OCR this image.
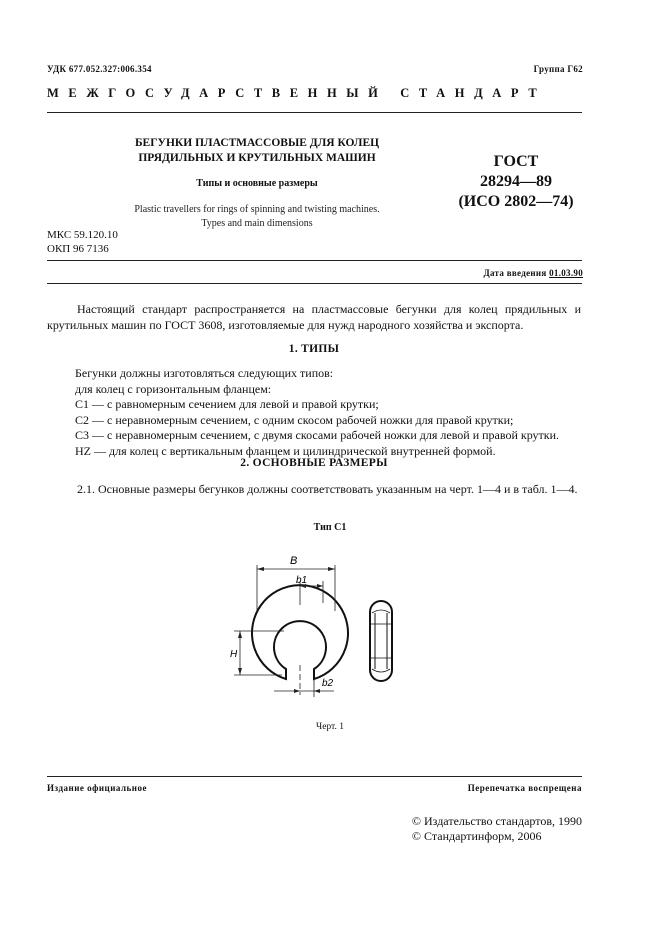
УДК 677.052.327:006.354	Группа Г62
МЕЖГОСУДАРСТВЕННЫЙ СТАНДАРТ
БЕГУНКИ ПЛАСТМАССОВЫЕ ДЛЯ КОЛЕЦ
ПРЯДИЛЬНЫХ И КРУТИЛЬНЫХ МАШИН
Типы и основные размеры
Plastic travellers for rings of spinning and twisting machines.
Types and main dimensions
ГОСТ
28294—89
(ИСО 2802—74)
МКС 59.120.10
ОКП 96 7136
Дата введения 01.03.90
Настоящий стандарт распространяется на пластмассовые бегунки для колец прядильных и крутильных машин по ГОСТ 3608, изготовляемые для нужд народного хозяйства и экспорта.
1. ТИПЫ
Бегунки должны изготовляться следующих типов:
для колец с горизонтальным фланцем:
С1 — с равномерным сечением для левой и правой крутки;
С2 — с неравномерным сечением, с одним скосом рабочей ножки для правой крутки;
С3 — с неравномерным сечением, с двумя скосами рабочей ножки для левой и правой крутки.
HZ — для колец с вертикальным фланцем и цилиндрической внутренней формой.
2. ОСНОВНЫЕ РАЗМЕРЫ
2.1. Основные размеры бегунков должны соответствовать указанным на черт. 1—4 и в табл. 1—4.
Тип С1
B
b1
H
b2
Черт. 1
Издание официальное	Перепечатка воспрещена
© Издательство стандартов, 1990
© Стандартинформ, 2006
